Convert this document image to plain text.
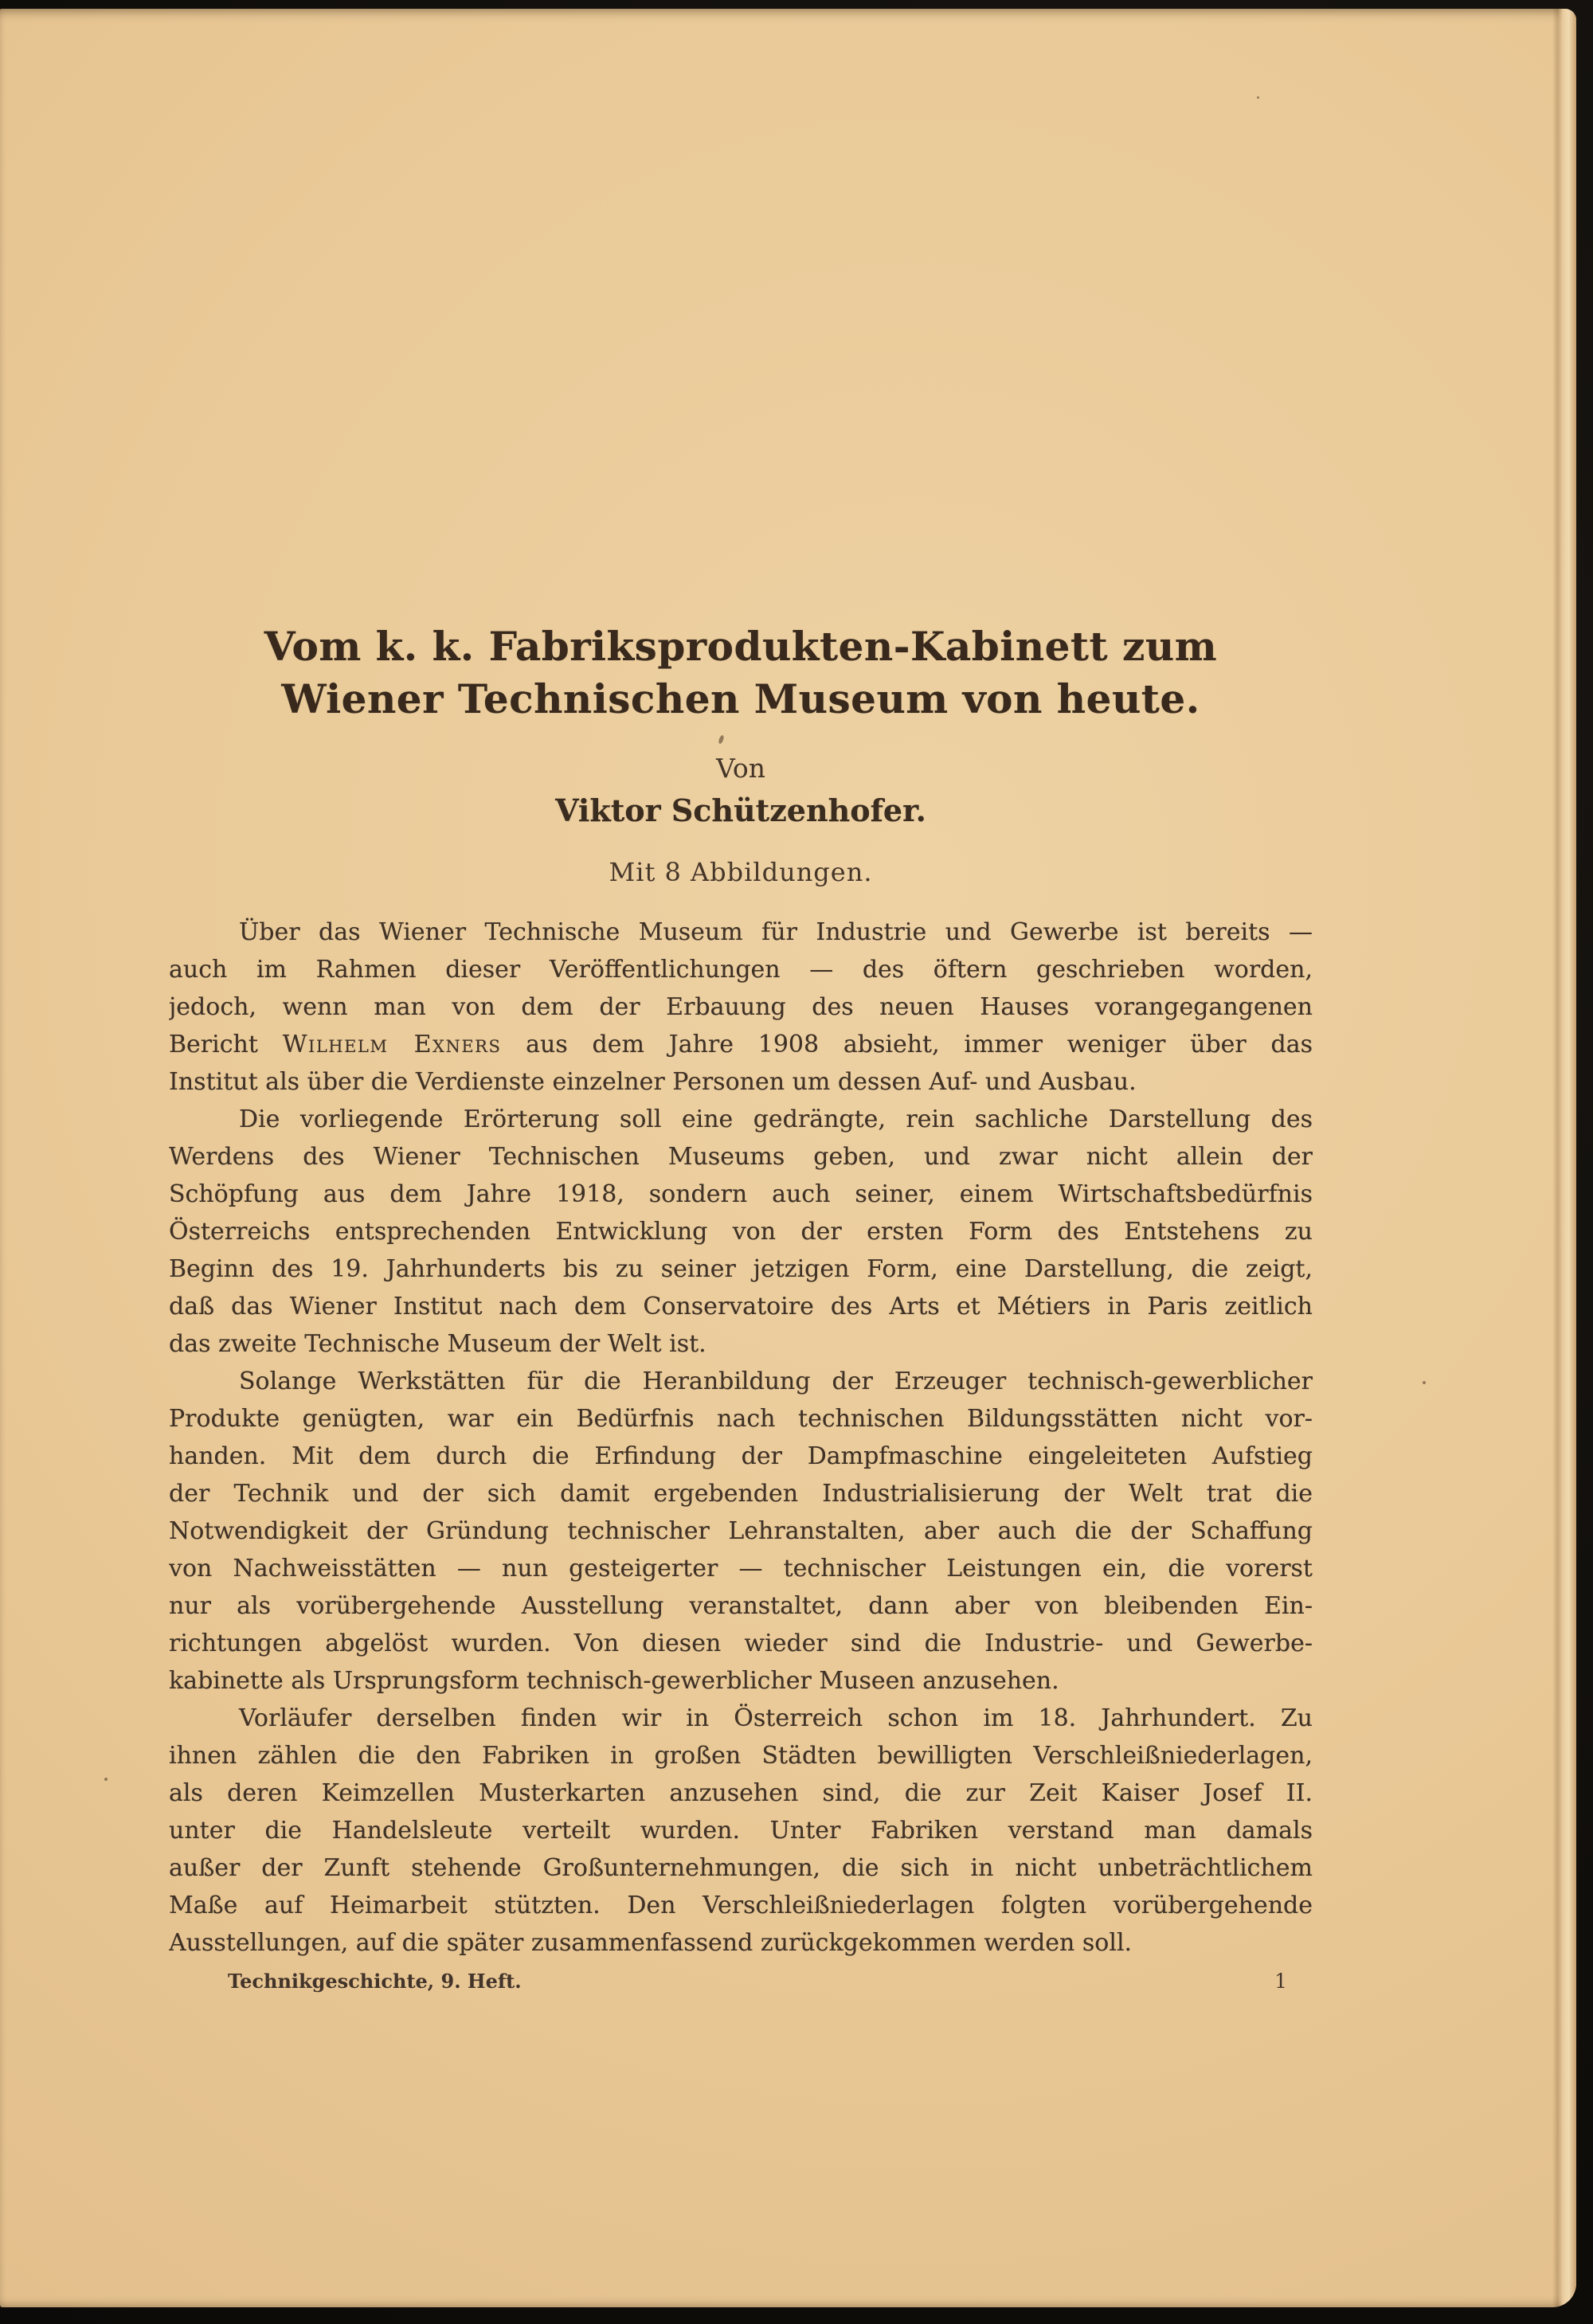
Vom k. k. Fabriksprodukten-Kabinett zum
Wiener Technischen Museum von heute.
Von
Viktor Schützenhofer.
Mit 8 Abbildungen.
Über das Wiener Technische Museum für Industrie und Gewerbe ist bereits —
auch im Rahmen dieser Veröffentlichungen — des öftern geschrieben worden,
jedoch, wenn man von dem der Erbauung des neuen Hauses vorangegangenen
Bericht Wilhelm Exners aus dem Jahre 1908 absieht, immer weniger über das
Institut als über die Verdienste einzelner Personen um dessen Auf- und Ausbau.
Die vorliegende Erörterung soll eine gedrängte, rein sachliche Darstellung des
Werdens des Wiener Technischen Museums geben, und zwar nicht allein der
Schöpfung aus dem Jahre 1918, sondern auch seiner, einem Wirtschaftsbedürfnis
Österreichs entsprechenden Entwicklung von der ersten Form des Entstehens zu
Beginn des 19. Jahrhunderts bis zu seiner jetzigen Form, eine Darstellung, die zeigt,
daß das Wiener Institut nach dem Conservatoire des Arts et Métiers in Paris zeitlich
das zweite Technische Museum der Welt ist.
Solange Werkstätten für die Heranbildung der Erzeuger technisch-gewerblicher
Produkte genügten, war ein Bedürfnis nach technischen Bildungsstätten nicht vor-
handen. Mit dem durch die Erfindung der Dampfmaschine eingeleiteten Aufstieg
der Technik und der sich damit ergebenden Industrialisierung der Welt trat die
Notwendigkeit der Gründung technischer Lehranstalten, aber auch die der Schaffung
von Nachweisstätten — nun gesteigerter — technischer Leistungen ein, die vorerst
nur als vorübergehende Ausstellung veranstaltet, dann aber von bleibenden Ein-
richtungen abgelöst wurden. Von diesen wieder sind die Industrie- und Gewerbe-
kabinette als Ursprungsform technisch-gewerblicher Museen anzusehen.
Vorläufer derselben finden wir in Österreich schon im 18. Jahrhundert. Zu
ihnen zählen die den Fabriken in großen Städten bewilligten Verschleißniederlagen,
als deren Keimzellen Musterkarten anzusehen sind, die zur Zeit Kaiser Josef II.
unter die Handelsleute verteilt wurden. Unter Fabriken verstand man damals
außer der Zunft stehende Großunternehmungen, die sich in nicht unbeträchtlichem
Maße auf Heimarbeit stützten. Den Verschleißniederlagen folgten vorübergehende
Ausstellungen, auf die später zusammenfassend zurückgekommen werden soll.
Technikgeschichte, 9. Heft.	1
